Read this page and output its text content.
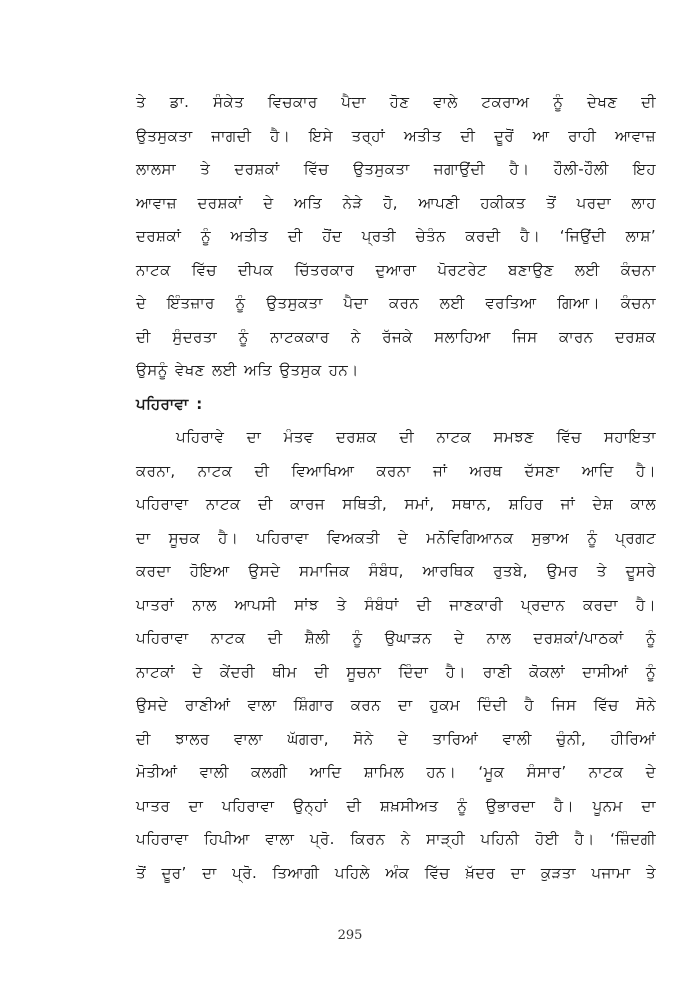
ਤੇ ਡਾ. ਸੰਕੇਤ ਵਿਚਕਾਰ ਪੈਦਾ ਹੋਣ ਵਾਲੇ ਟਕਰਾਅ ਨੂੰ ਦੇਖਣ ਦੀ
ਉਤਸੁਕਤਾ ਜਾਗਦੀ ਹੈ। ਇਸੇ ਤਰ੍ਹਾਂ ਅਤੀਤ ਦੀ ਦੂਰੋਂ ਆ ਰਾਹੀ ਆਵਾਜ਼
ਲਾਲਸਾ ਤੇ ਦਰਸ਼ਕਾਂ ਵਿੱਚ ਉਤਸੁਕਤਾ ਜਗਾਉਂਦੀ ਹੈ। ਹੌਲੀ-ਹੌਲੀ ਇਹ
ਆਵਾਜ਼ ਦਰਸ਼ਕਾਂ ਦੇ ਅਤਿ ਨੇੜੇ ਹੋ, ਆਪਣੀ ਹਕੀਕਤ ਤੋਂ ਪਰਦਾ ਲਾਹ
ਦਰਸ਼ਕਾਂ ਨੂੰ ਅਤੀਤ ਦੀ ਹੋਂਦ ਪ੍ਰਤੀ ਚੇਤੰਨ ਕਰਦੀ ਹੈ। ‘ਜਿਉਂਦੀ ਲਾਸ਼’
ਨਾਟਕ ਵਿੱਚ ਦੀਪਕ ਚਿੱਤਰਕਾਰ ਦੁਆਰਾ ਪੋਰਟਰੇਟ ਬਣਾਉਣ ਲਈ ਕੰਚਨਾ
ਦੇ ਇੰਤਜ਼ਾਰ ਨੂੰ ਉਤਸੁਕਤਾ ਪੈਦਾ ਕਰਨ ਲਈ ਵਰਤਿਆ ਗਿਆ। ਕੰਚਨਾ
ਦੀ ਸੁੰਦਰਤਾ ਨੂੰ ਨਾਟਕਕਾਰ ਨੇ ਰੱਜਕੇ ਸਲਾਹਿਆ ਜਿਸ ਕਾਰਨ ਦਰਸ਼ਕ
ਉਸਨੂੰ ਵੇਖਣ ਲਈ ਅਤਿ ਉਤਸੁਕ ਹਨ।
ਪਹਿਰਾਵਾ :
ਪਹਿਰਾਵੇ ਦਾ ਮੰਤਵ ਦਰਸ਼ਕ ਦੀ ਨਾਟਕ ਸਮਝਣ ਵਿੱਚ ਸਹਾਇਤਾ
ਕਰਨਾ, ਨਾਟਕ ਦੀ ਵਿਆਖਿਆ ਕਰਨਾ ਜਾਂ ਅਰਥ ਦੱਸਣਾ ਆਦਿ ਹੈ।
ਪਹਿਰਾਵਾ ਨਾਟਕ ਦੀ ਕਾਰਜ ਸਥਿਤੀ, ਸਮਾਂ, ਸਥਾਨ, ਸ਼ਹਿਰ ਜਾਂ ਦੇਸ਼ ਕਾਲ
ਦਾ ਸੂਚਕ ਹੈ। ਪਹਿਰਾਵਾ ਵਿਅਕਤੀ ਦੇ ਮਨੋਵਿਗਿਆਨਕ ਸੁਭਾਅ ਨੂੰ ਪ੍ਰਗਟ
ਕਰਦਾ ਹੋਇਆ ਉਸਦੇ ਸਮਾਜਿਕ ਸੰਬੰਧ, ਆਰਥਿਕ ਰੁਤਬੇ, ਉਮਰ ਤੇ ਦੂਸਰੇ
ਪਾਤਰਾਂ ਨਾਲ ਆਪਸੀ ਸਾਂਝ ਤੇ ਸੰਬੰਧਾਂ ਦੀ ਜਾਣਕਾਰੀ ਪ੍ਰਦਾਨ ਕਰਦਾ ਹੈ।
ਪਹਿਰਾਵਾ ਨਾਟਕ ਦੀ ਸ਼ੈਲੀ ਨੂੰ ਉਘਾੜਨ ਦੇ ਨਾਲ ਦਰਸ਼ਕਾਂ/ਪਾਠਕਾਂ ਨੂੰ
ਨਾਟਕਾਂ ਦੇ ਕੇਂਦਰੀ ਥੀਮ ਦੀ ਸੂਚਨਾ ਦਿੰਦਾ ਹੈ। ਰਾਣੀ ਕੋਕਲਾਂ ਦਾਸੀਆਂ ਨੂੰ
ਉਸਦੇ ਰਾਣੀਆਂ ਵਾਲਾ ਸ਼ਿੰਗਾਰ ਕਰਨ ਦਾ ਹੁਕਮ ਦਿੰਦੀ ਹੈ ਜਿਸ ਵਿੱਚ ਸੋਨੇ
ਦੀ ਝਾਲਰ ਵਾਲਾ ਘੱਗਰਾ, ਸੋਨੇ ਦੇ ਤਾਰਿਆਂ ਵਾਲੀ ਚੁੰਨੀ, ਹੀਰਿਆਂ
ਮੋਤੀਆਂ ਵਾਲੀ ਕਲਗੀ ਆਦਿ ਸ਼ਾਮਿਲ ਹਨ। ‘ਮੂਕ ਸੰਸਾਰ’ ਨਾਟਕ ਦੇ
ਪਾਤਰ ਦਾ ਪਹਿਰਾਵਾ ਉਨ੍ਹਾਂ ਦੀ ਸ਼ਖ਼ਸੀਅਤ ਨੂੰ ਉਭਾਰਦਾ ਹੈ। ਪੂਨਮ ਦਾ
ਪਹਿਰਾਵਾ ਹਿਪੀਆ ਵਾਲਾ ਪ੍ਰੋ. ਕਿਰਨ ਨੇ ਸਾੜ੍ਹੀ ਪਹਿਨੀ ਹੋਈ ਹੈ। ‘ਜ਼ਿੰਦਗੀ
ਤੋਂ ਦੂਰ’ ਦਾ ਪ੍ਰੋ. ਤਿਆਗੀ ਪਹਿਲੇ ਅੰਕ ਵਿੱਚ ਖ਼ੱਦਰ ਦਾ ਕੁੜਤਾ ਪਜਾਮਾ ਤੇ
295
